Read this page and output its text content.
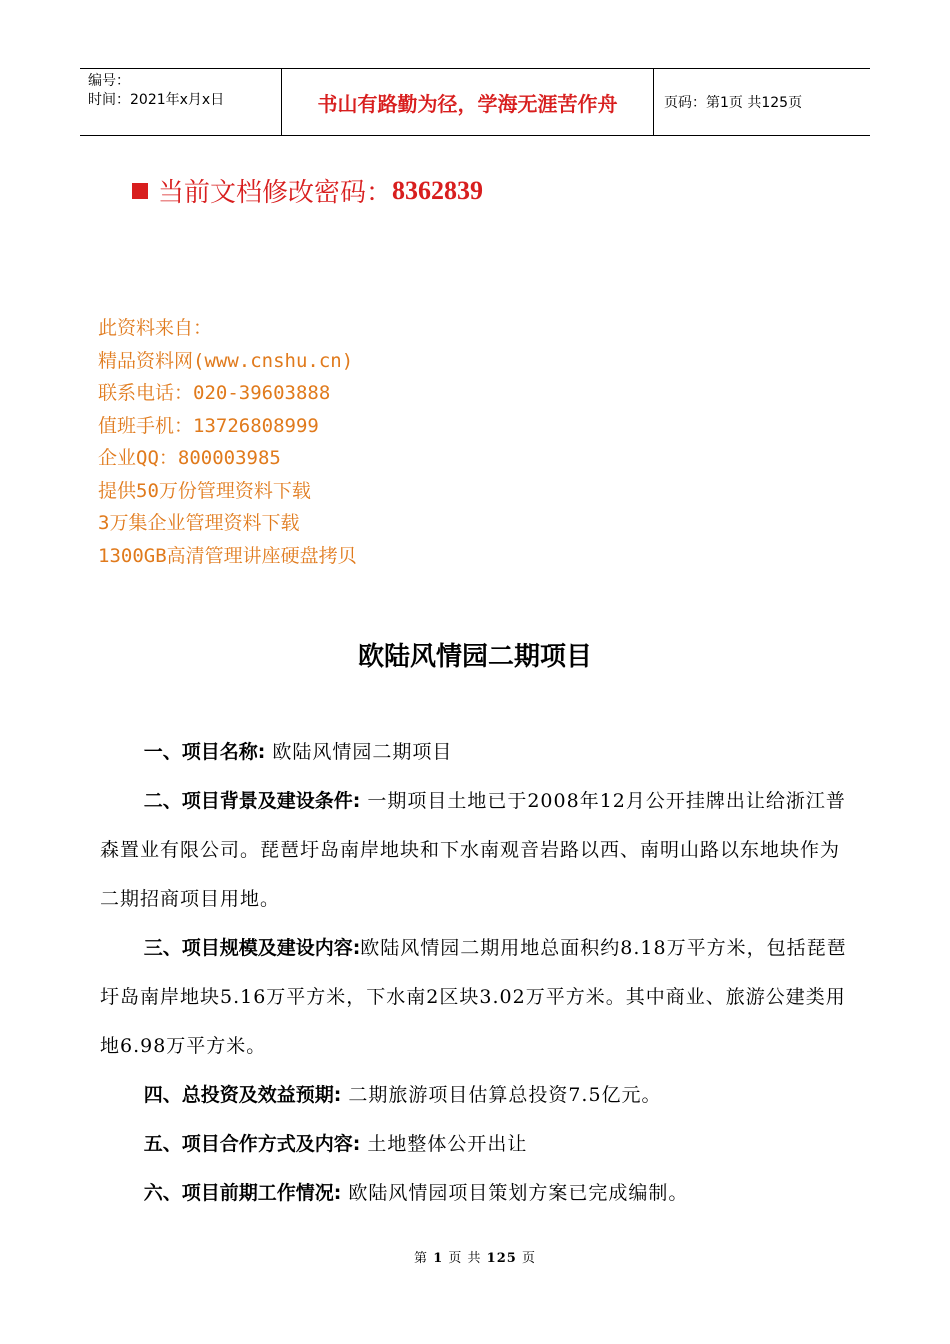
编号：
时间：2021年x月x日	书山有路勤为径，学海无涯苦作舟	页码：第1页 共125页
当前文档修改密码： 8362839
此资料来自：
精品资料网(www.cnshu.cn)
联系电话：020-39603888
值班手机：13726808999
企业QQ：800003985
提供50万份管理资料下载
3万集企业管理资料下载
1300GB高清管理讲座硬盘拷贝
欧陆风情园二期项目

一、项目名称: 欧陆风情园二期项目

二、项目背景及建设条件: 一期项目土地已于2008年12月公开挂牌出让给浙江普森置业有限公司。琵琶圩岛南岸地块和下水南观音岩路以西、南明山路以东地块作为二期招商项目用地。

三、项目规模及建设内容:欧陆风情园二期用地总面积约8.18万平方米，包括琵琶圩岛南岸地块5.16万平方米，下水南2区块3.02万平方米。其中商业、旅游公建类用地6.98万平方米。

四、总投资及效益预期: 二期旅游项目估算总投资7.5亿元。

五、项目合作方式及内容: 土地整体公开出让

六、项目前期工作情况: 欧陆风情园项目策划方案已完成编制。

第 1 页 共 125 页
